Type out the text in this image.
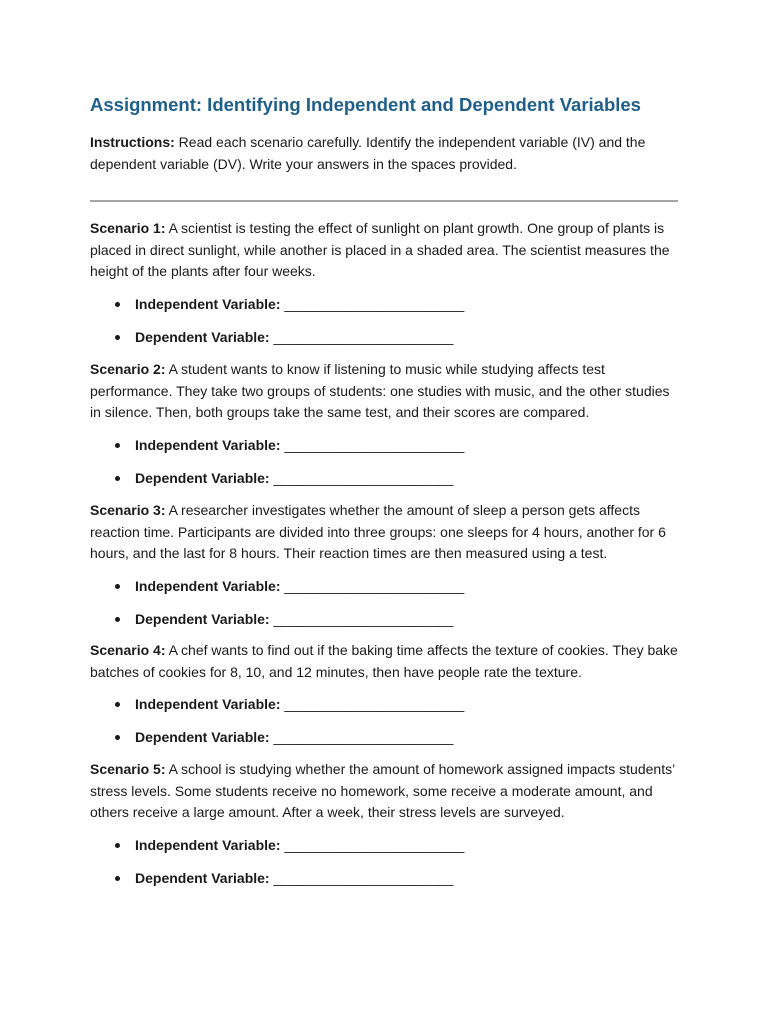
Assignment: Identifying Independent and Dependent Variables

Instructions: Read each scenario carefully. Identify the independent variable (IV) and the dependent variable (DV). Write your answers in the spaces provided.

Scenario 1: A scientist is testing the effect of sunlight on plant growth. One group of plants is placed in direct sunlight, while another is placed in a shaded area. The scientist measures the height of the plants after four weeks.

Independent Variable: ________________________
Dependent Variable: ________________________

Scenario 2: A student wants to know if listening to music while studying affects test performance. They take two groups of students: one studies with music, and the other studies in silence. Then, both groups take the same test, and their scores are compared.

Independent Variable: ________________________
Dependent Variable: ________________________

Scenario 3: A researcher investigates whether the amount of sleep a person gets affects reaction time. Participants are divided into three groups: one sleeps for 4 hours, another for 6 hours, and the last for 8 hours. Their reaction times are then measured using a test.

Independent Variable: ________________________
Dependent Variable: ________________________

Scenario 4: A chef wants to find out if the baking time affects the texture of cookies. They bake batches of cookies for 8, 10, and 12 minutes, then have people rate the texture.

Independent Variable: ________________________
Dependent Variable: ________________________

Scenario 5: A school is studying whether the amount of homework assigned impacts students’ stress levels. Some students receive no homework, some receive a moderate amount, and others receive a large amount. After a week, their stress levels are surveyed.

Independent Variable: ________________________
Dependent Variable: ________________________
